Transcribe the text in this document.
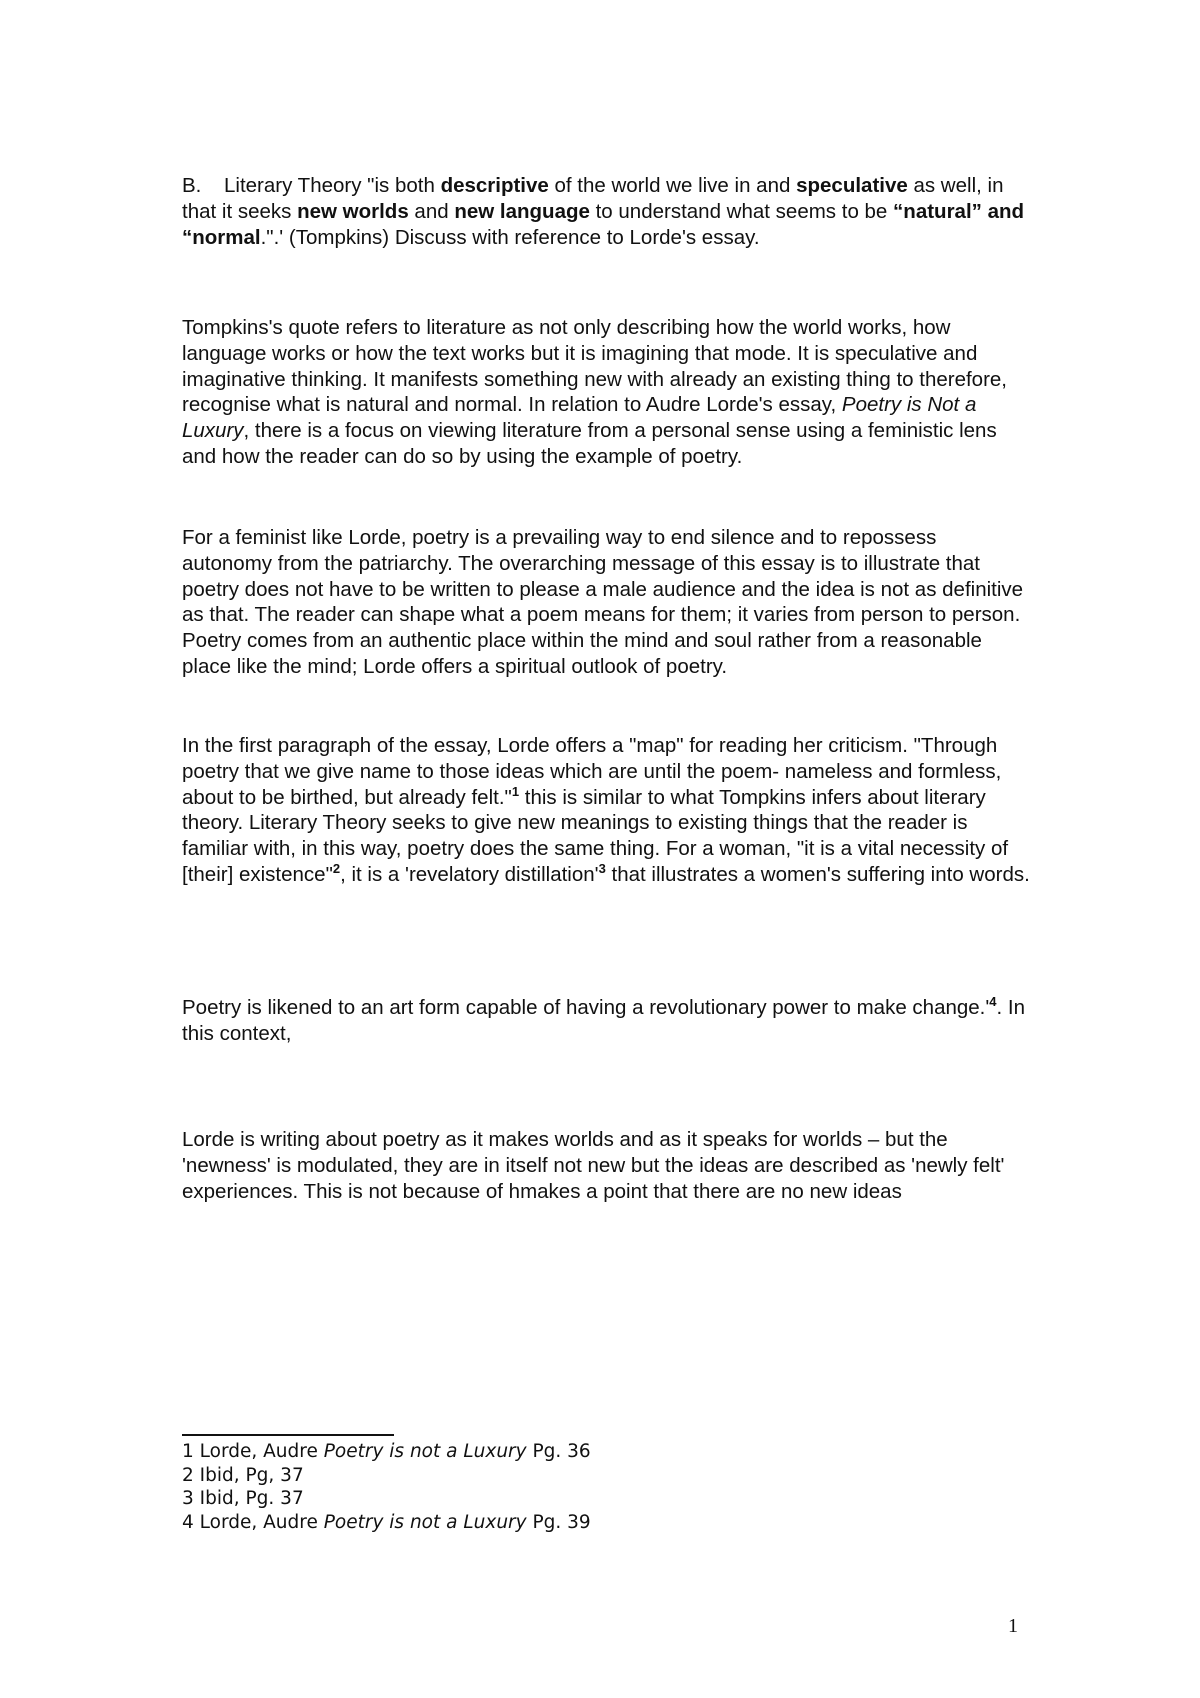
B. Literary Theory "is both descriptive of the world we live in and speculative as well, in that it seeks new worlds and new language to understand what seems to be “natural” and “normal.".' (Tompkins) Discuss with reference to Lorde's essay.

Tompkins's quote refers to literature as not only describing how the world works, how language works or how the text works but it is imagining that mode. It is speculative and imaginative thinking. It manifests something new with already an existing thing to therefore, recognise what is natural and normal. In relation to Audre Lorde's essay, Poetry is Not a Luxury, there is a focus on viewing literature from a personal sense using a feministic lens and how the reader can do so by using the example of poetry.

For a feminist like Lorde, poetry is a prevailing way to end silence and to repossess autonomy from the patriarchy. The overarching message of this essay is to illustrate that poetry does not have to be written to please a male audience and the idea is not as definitive as that. The reader can shape what a poem means for them; it varies from person to person. Poetry comes from an authentic place within the mind and soul rather from a reasonable place like the mind; Lorde offers a spiritual outlook of poetry.

In the first paragraph of the essay, Lorde offers a "map" for reading her criticism. "Through poetry that we give name to those ideas which are until the poem- nameless and formless, about to be birthed, but already felt."$^1$ this is similar to what Tompkins infers about literary theory. Literary Theory seeks to give new meanings to existing things that the reader is familiar with, in this way, poetry does the same thing. For a woman, "it is a vital necessity of [their] existence"$^2$, it is a 'revelatory $distillation'^3$ that illustrates a women's suffering into words.

Poetry is likened to an art form capable of having a revolutionary power to make $change.'^4$. In this context,

Lorde is writing about poetry as it makes worlds and as it speaks for worlds – but the 'newness' is modulated, they are in itself not new but the ideas are described as 'newly felt' experiences. This is not because of hmakes a point that there are no new ideas

1 Lorde, Audre Poetry is not a Luxury Pg. 36

2 Ibid, Pg, 37

3 Ibid, Pg. 37

4 Lorde, Audre Poetry is not a Luxury Pg. 39

1
